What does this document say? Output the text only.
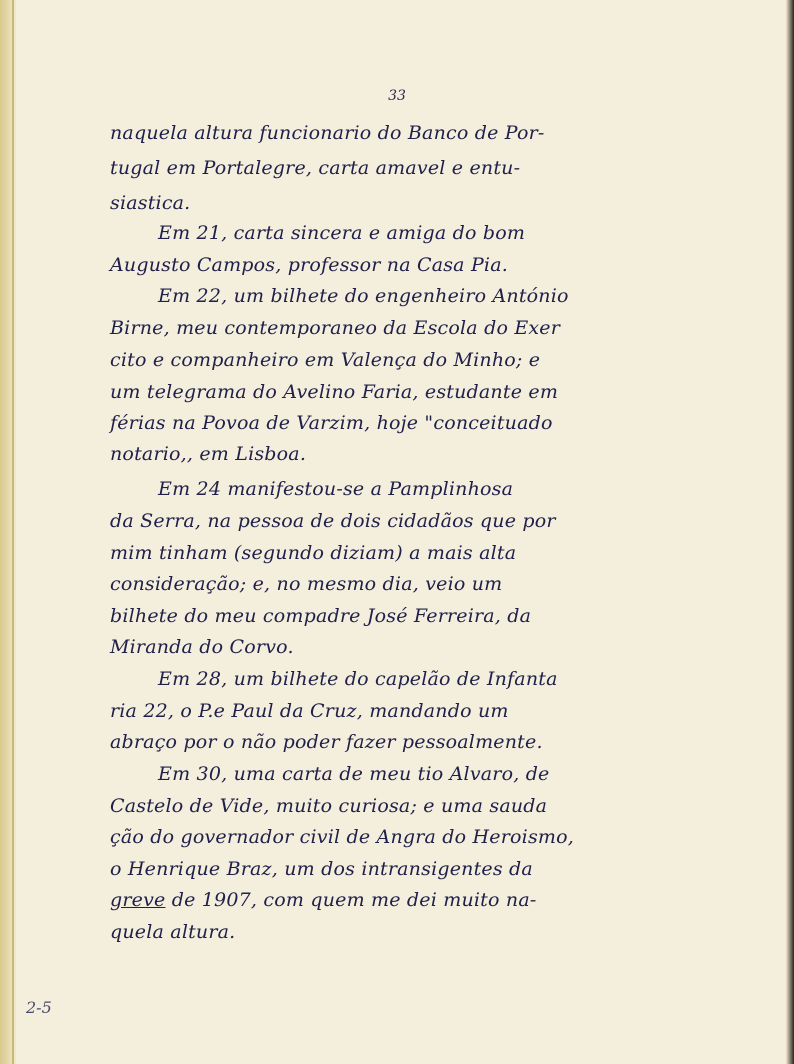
33
naquela altura funcionario do Banco de Por-
tugal em Portalegre, carta amavel e entu-
siastica.
Em 21, carta sincera e amiga do bom
Augusto Campos, professor na Casa Pia.
Em 22, um bilhete do engenheiro António
Birne, meu contemporaneo da Escola do Exer
cito e companheiro em Valença do Minho; e
um telegrama do Avelino Faria, estudante em
férias na Povoa de Varzim, hoje "conceituado
notario,, em Lisboa.
Em 24 manifestou-se a Pamplinhosa
da Serra, na pessoa de dois cidadãos que por
mim tinham (segundo diziam) a mais alta
consideração; e, no mesmo dia, veio um
bilhete do meu compadre José Ferreira, da
Miranda do Corvo.
Em 28, um bilhete do capelão de Infanta
ria 22, o P.e Paul da Cruz, mandando um
abraço por o não poder fazer pessoalmente.
Em 30, uma carta de meu tio Alvaro, de
Castelo de Vide, muito curiosa; e uma sauda
ção do governador civil de Angra do Heroismo,
o Henrique Braz, um dos intransigentes da
greve de 1907, com quem me dei muito na-
quela altura.
2-5
